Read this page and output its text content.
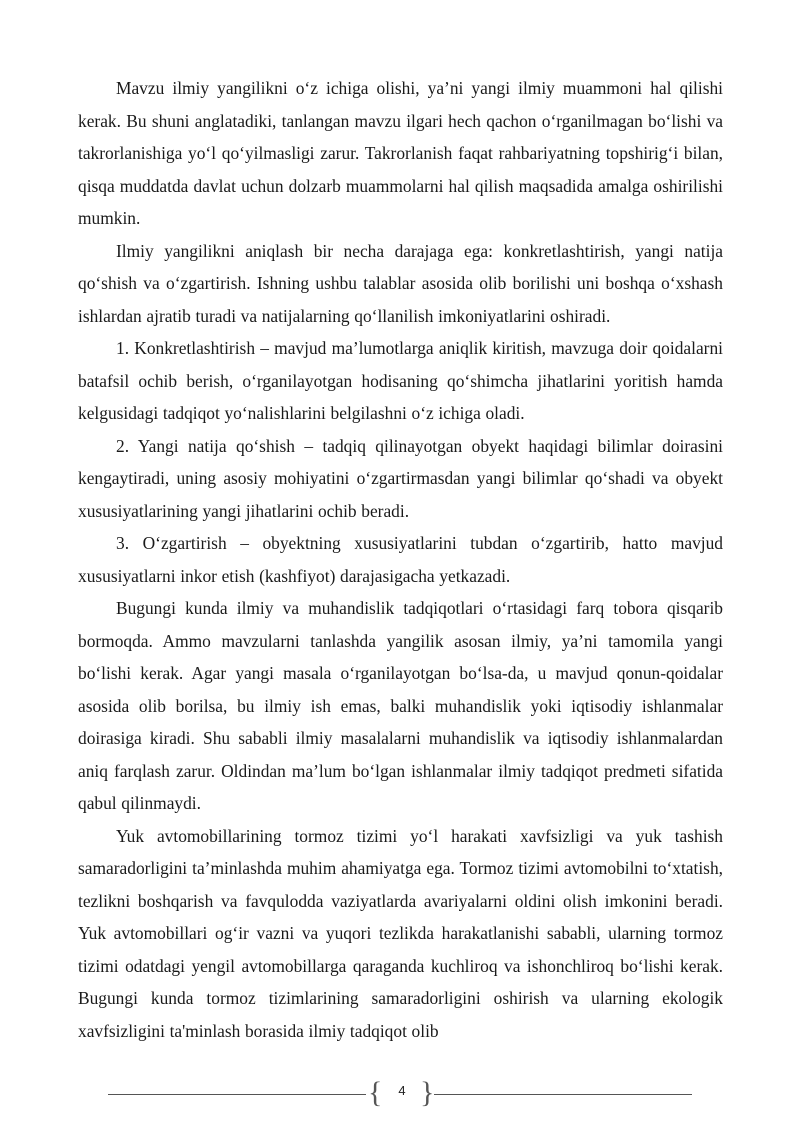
Mavzu ilmiy yangilikni o‘z ichiga olishi, ya’ni yangi ilmiy muammoni hal qilishi kerak. Bu shuni anglatadiki, tanlangan mavzu ilgari hech qachon o‘rganilmagan bo‘lishi va takrorlanishiga yo‘l qo‘yilmasligi zarur. Takrorlanish faqat rahbariyatning topshirig‘i bilan, qisqa muddatda davlat uchun dolzarb muammolarni hal qilish maqsadida amalga oshirilishi mumkin.

Ilmiy yangilikni aniqlash bir necha darajaga ega: konkretlashtirish, yangi natija qo‘shish va o‘zgartirish. Ishning ushbu talablar asosida olib borilishi uni boshqa o‘xshash ishlardan ajratib turadi va natijalarning qo‘llanilish imkoniyatlarini oshiradi.

1. Konkretlashtirish – mavjud ma’lumotlarga aniqlik kiritish, mavzuga doir qoidalarni batafsil ochib berish, o‘rganilayotgan hodisaning qo‘shimcha jihatlarini yoritish hamda kelgusidagi tadqiqot yo‘nalishlarini belgilashni o‘z ichiga oladi.

2. Yangi natija qo‘shish – tadqiq qilinayotgan obyekt haqidagi bilimlar doirasini kengaytiradi, uning asosiy mohiyatini o‘zgartirmasdan yangi bilimlar qo‘shadi va obyekt xususiyatlarining yangi jihatlarini ochib beradi.

3. O‘zgartirish – obyektning xususiyatlarini tubdan o‘zgartirib, hatto mavjud xususiyatlarni inkor etish (kashfiyot) darajasigacha yetkazadi.

Bugungi kunda ilmiy va muhandislik tadqiqotlari o‘rtasidagi farq tobora qisqarib bormoqda. Ammo mavzularni tanlashda yangilik asosan ilmiy, ya’ni tamomila yangi bo‘lishi kerak. Agar yangi masala o‘rganilayotgan bo‘lsa-da, u mavjud qonun-qoidalar asosida olib borilsa, bu ilmiy ish emas, balki muhandislik yoki iqtisodiy ishlanmalar doirasiga kiradi. Shu sababli ilmiy masalalarni muhandislik va iqtisodiy ishlanmalardan aniq farqlash zarur. Oldindan ma’lum bo‘lgan ishlanmalar ilmiy tadqiqot predmeti sifatida qabul qilinmaydi.

Yuk avtomobillarining tormoz tizimi yo‘l harakati xavfsizligi va yuk tashish samaradorligini ta’minlashda muhim ahamiyatga ega. Tormoz tizimi avtomobilni to‘xtatish, tezlikni boshqarish va favqulodda vaziyatlarda avariyalarni oldini olish imkonini beradi. Yuk avtomobillari og‘ir vazni va yuqori tezlikda harakatlanishi sababli, ularning tormoz tizimi odatdagi yengil avtomobillarga qaraganda kuchliroq va ishonchliroq bo‘lishi kerak. Bugungi kunda tormoz tizimlarining samaradorligini oshirish va ularning ekologik xavfsizligini ta'minlash borasida ilmiy tadqiqot olib

{	4 }
